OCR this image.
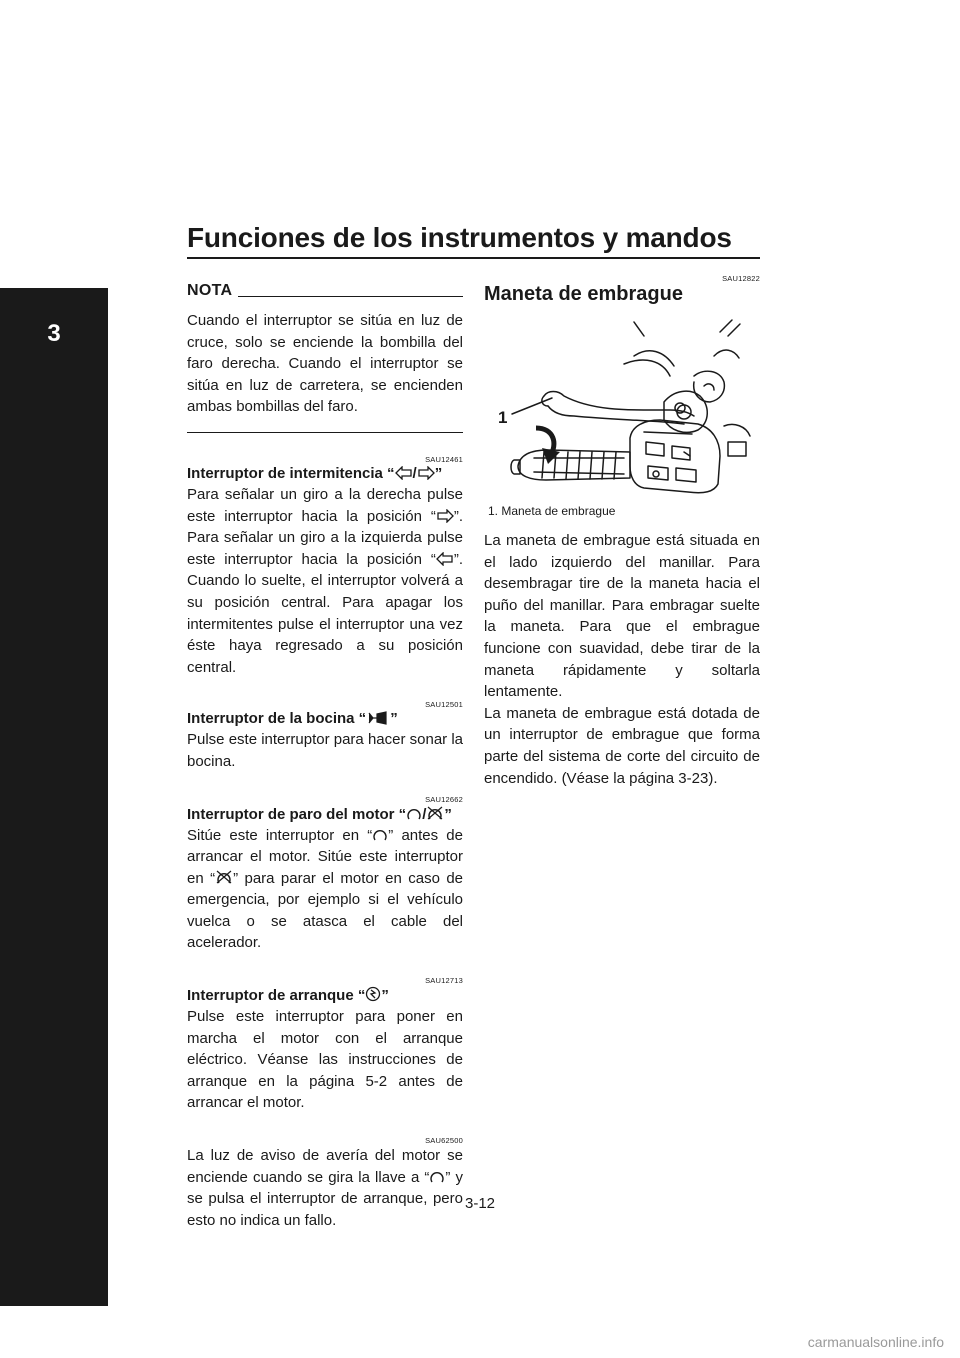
Funciones de los instrumentos y mandos
3
NOTA

Cuando el interruptor se sitúa en luz de cruce, solo se enciende la bombilla del faro derecha. Cuando el interruptor se sitúa en luz de carretera, se encienden ambas bombillas del faro.

SAU12461

Interruptor de intermitencia “ / ”

Para señalar un giro a la derecha pulse este interruptor hacia la posición “ ”. Para señalar un giro a la izquierda pulse este interruptor hacia la posición “ ”. Cuando lo suelte, el interruptor volverá a su posición central. Para apagar los intermitentes pulse el interruptor una vez éste haya regresado a su posición central.

SAU12501

Interruptor de la bocina “ ”

Pulse este interruptor para hacer sonar la bocina.

SAU12662

Interruptor de paro del motor “ / ”

Sitúe este interruptor en “ ” antes de arrancar el motor. Sitúe este interruptor en “ ” para parar el motor en caso de emergencia, por ejemplo si el vehículo vuelca o se atasca el cable del acelerador.

SAU12713

Interruptor de arranque “ ”

Pulse este interruptor para poner en marcha el motor con el arranque eléctrico. Véanse las instrucciones de arranque en la página 5-2 antes de arrancar el motor.

SAU62500

La luz de aviso de avería del motor se enciende cuando se gira la llave a “ ” y se pulsa el interruptor de arranque, pero esto no indica un fallo.

SAU12822

Maneta de embrague
1

1. Maneta de embrague

La maneta de embrague está situada en el lado izquierdo del manillar. Para desembragar tire de la maneta hacia el puño del manillar. Para embragar suelte la maneta. Para que el embrague funcione con suavidad, debe tirar de la maneta rápidamente y soltarla lentamente.

La maneta de embrague está dotada de un interruptor de embrague que forma parte del sistema de corte del circuito de encendido. (Véase la página 3-23).

3-12
carmanualsonline.info
